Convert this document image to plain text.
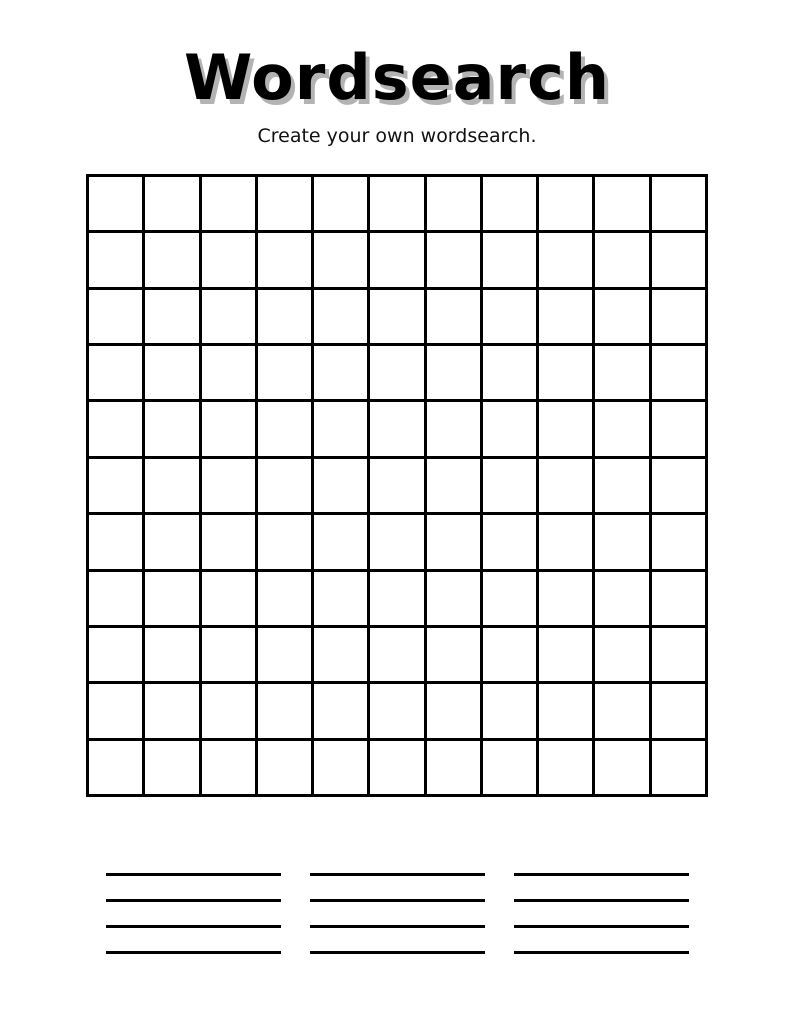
Wordsearch

Create your own wordsearch.
